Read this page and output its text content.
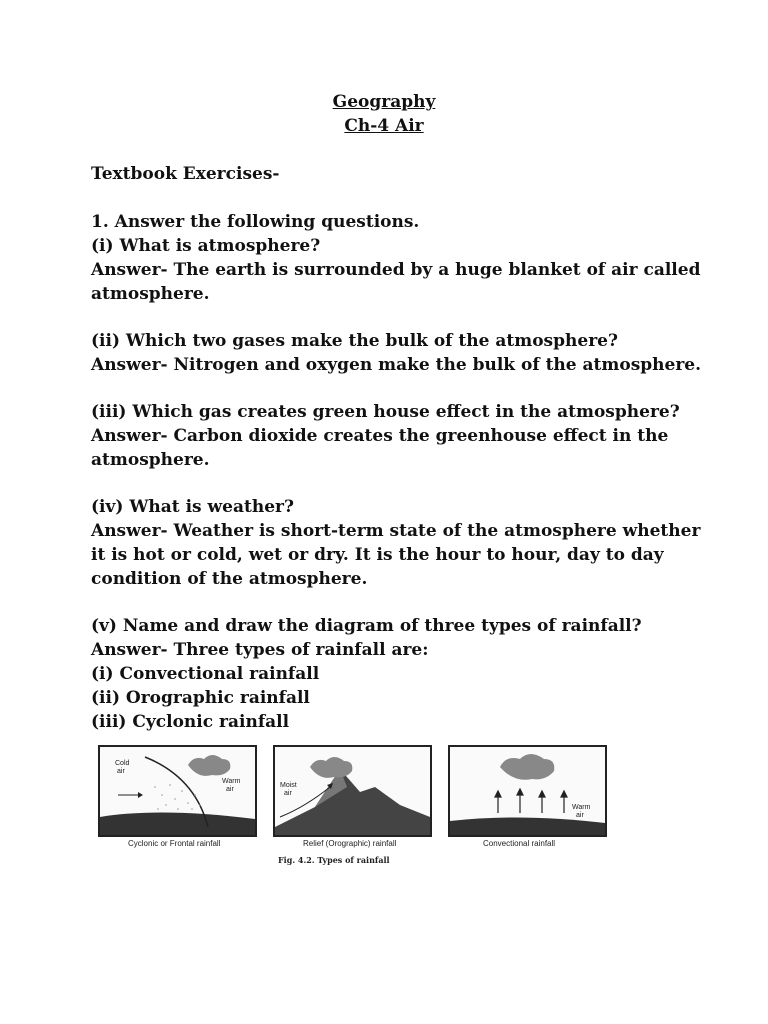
Geography
Ch-4 Air
Textbook Exercises-
1. Answer the following questions.
(i) What is atmosphere?
Answer- The earth is surrounded by a huge blanket of air called
atmosphere.
(ii) Which two gases make the bulk of the atmosphere?
Answer- Nitrogen and oxygen make the bulk of the atmosphere.
(iii) Which gas creates green house effect in the atmosphere?
Answer- Carbon dioxide creates the greenhouse effect in the
atmosphere.
(iv) What is weather?
Answer- Weather is short-term state of the atmosphere whether
it is hot or cold, wet or dry. It is the hour to hour, day to day
condition of the atmosphere.
(v) Name and draw the diagram of three types of rainfall?
Answer- Three types of rainfall are:
(i) Convectional rainfall
(ii) Orographic rainfall
(iii) Cyclonic rainfall
Cold
air
Warm
air
Cyclonic or Frontal rainfall
Moist
air
Relief (Orographic) rainfall
Warm
air
Convectional rainfall
Fig. 4.2. Types of rainfall
